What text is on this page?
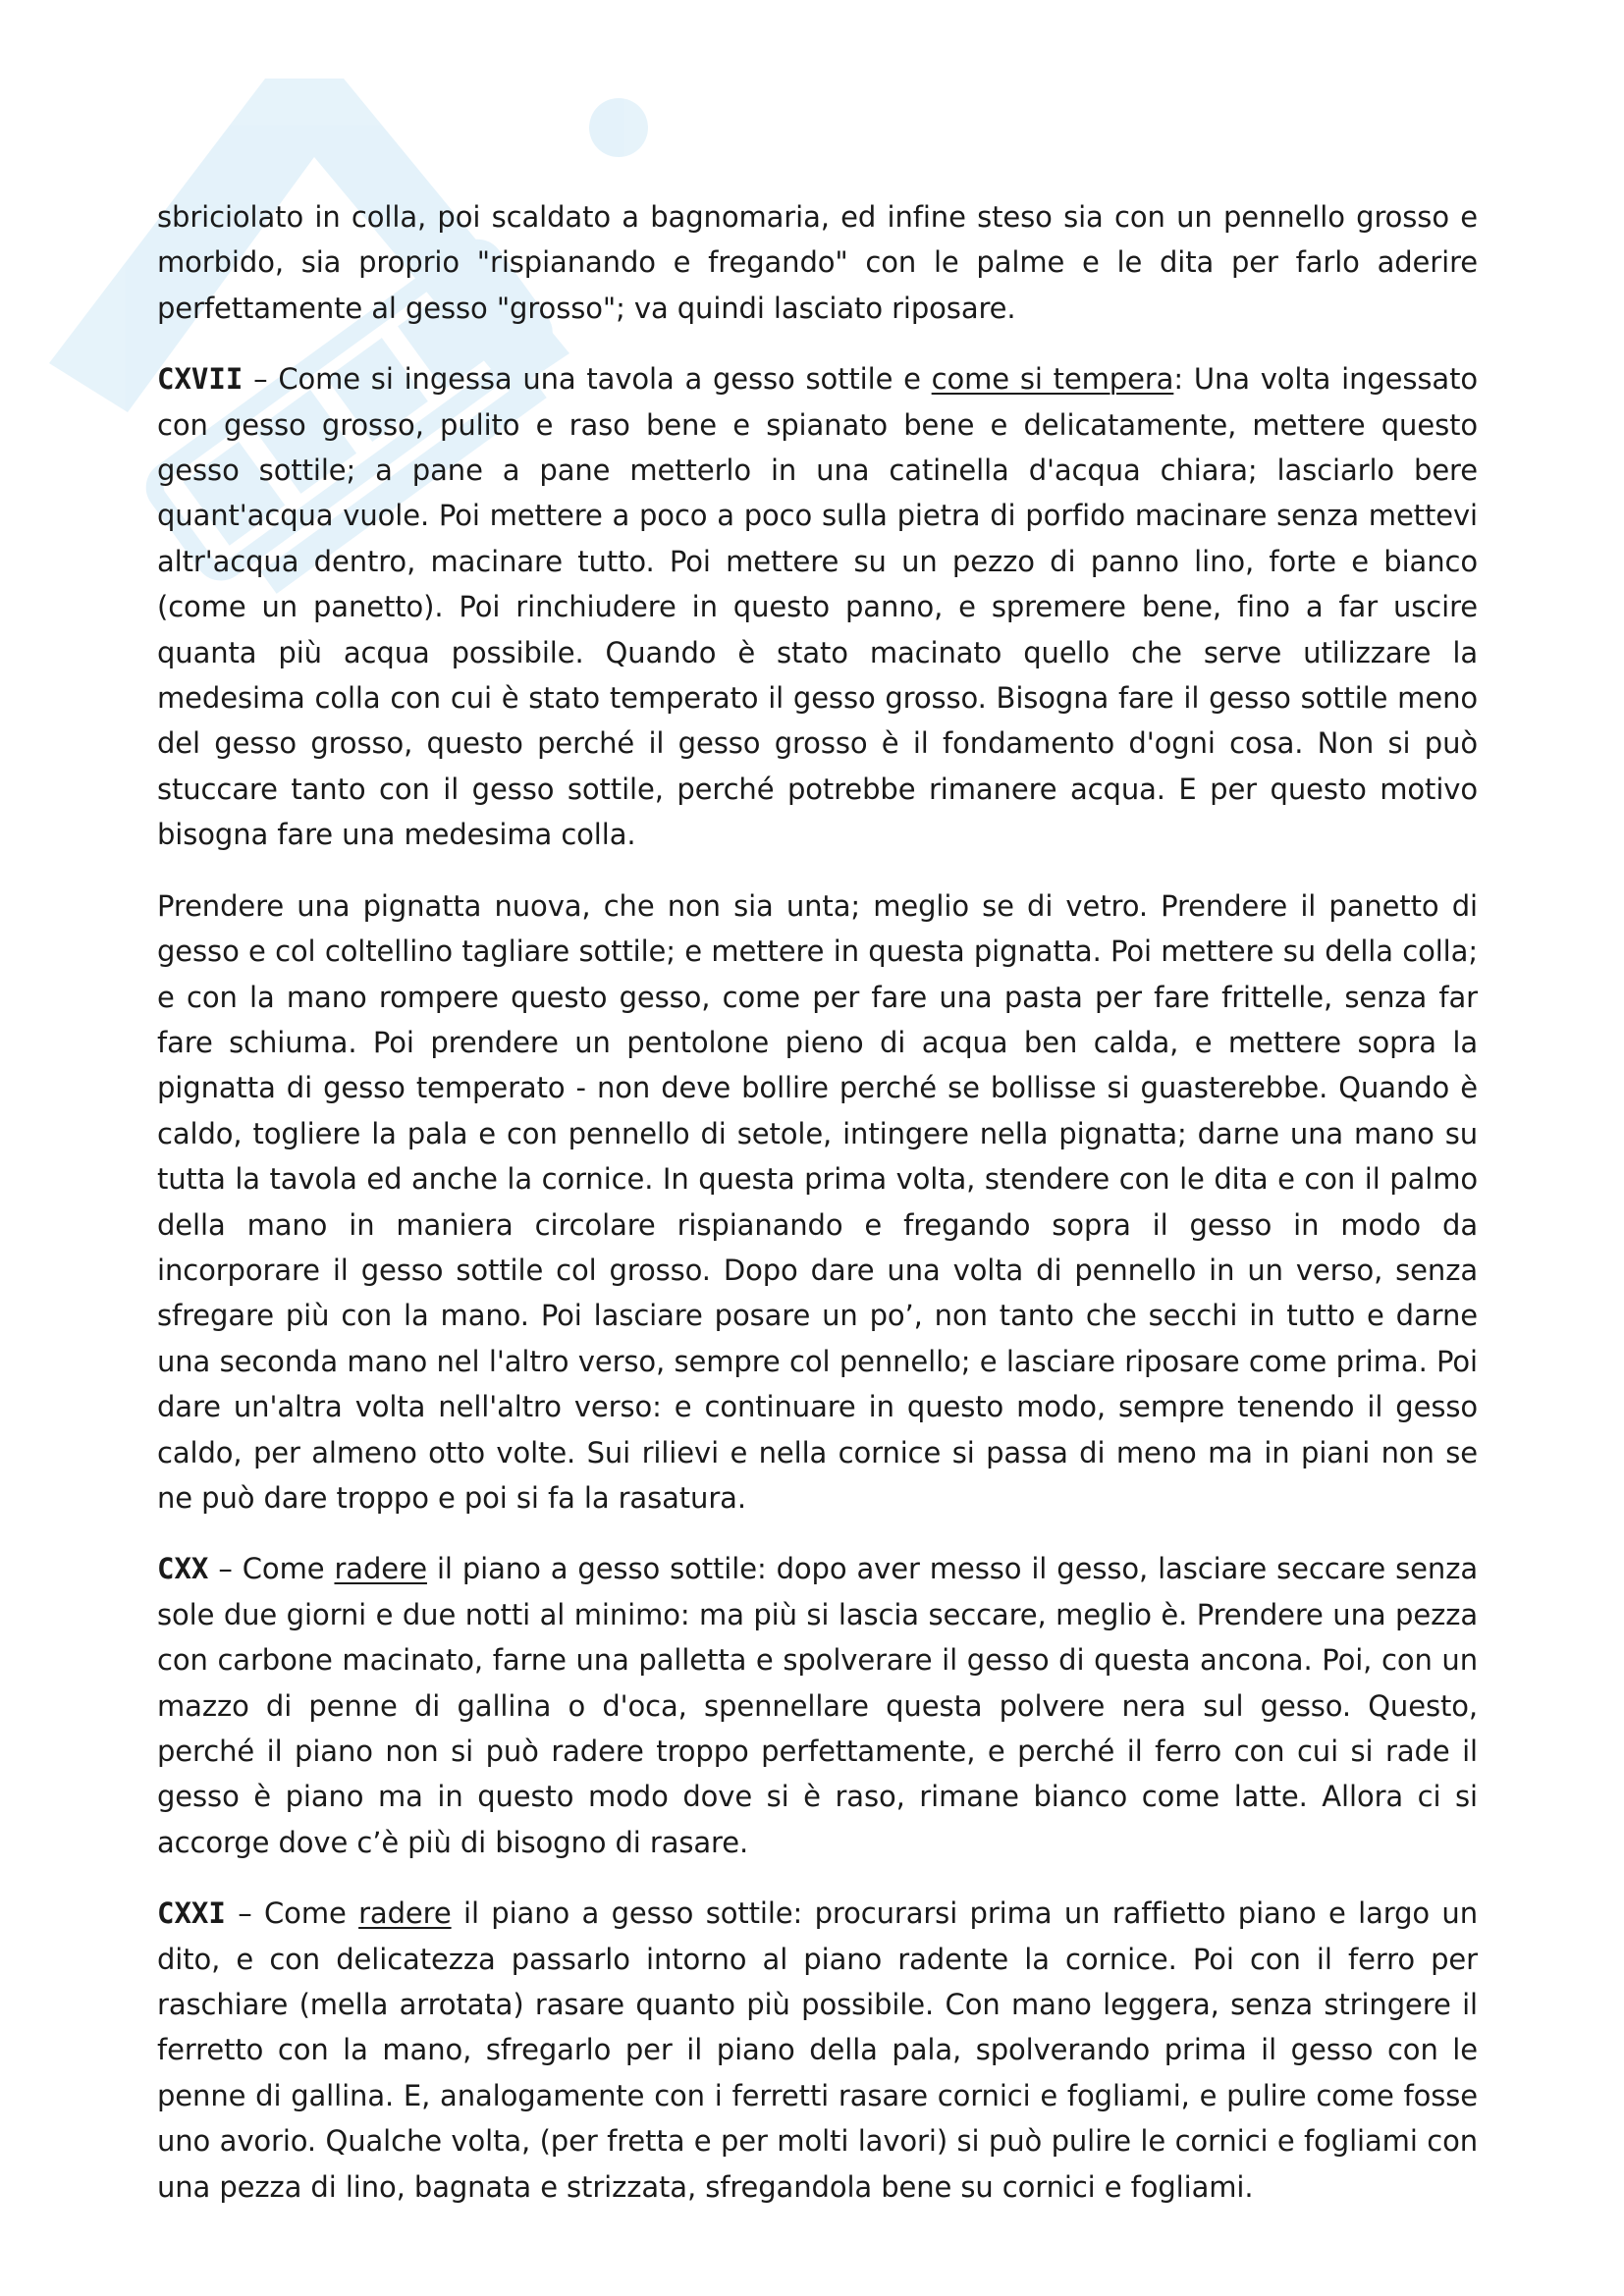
sbriciolato in colla, poi scaldato a bagnomaria, ed infine steso sia con un pennello grosso e morbido, sia proprio "rispianando e fregando" con le palme e le dita per farlo aderire perfettamente al gesso "grosso"; va quindi lasciato riposare.

CXVII – Come si ingessa una tavola a gesso sottile e come si tempera: Una volta ingessato con gesso grosso, pulito e raso bene e spianato bene e delicatamente, mettere questo gesso sottile; a pane a pane metterlo in una catinella d'acqua chiara; lasciarlo bere quant'acqua vuole. Poi mettere a poco a poco sulla pietra di porfido macinare senza mettevi altr'acqua dentro, macinare tutto. Poi mettere su un pezzo di panno lino, forte e bianco (come un panetto). Poi rinchiudere in questo panno, e spremere bene, fino a far uscire quanta più acqua possibile. Quando è stato macinato quello che serve utilizzare la medesima colla con cui è stato temperato il gesso grosso. Bisogna fare il gesso sottile meno del gesso grosso, questo perché il gesso grosso è il fondamento d'ogni cosa. Non si può stuccare tanto con il gesso sottile, perché potrebbe rimanere acqua. E per questo motivo bisogna fare una medesima colla.

Prendere una pignatta nuova, che non sia unta; meglio se di vetro. Prendere il panetto di gesso e col coltellino tagliare sottile; e mettere in questa pignatta. Poi mettere su della colla; e con la mano rompere questo gesso, come per fare una pasta per fare frittelle, senza far fare schiuma. Poi prendere un pentolone pieno di acqua ben calda, e mettere sopra la pignatta di gesso temperato - non deve bollire perché se bollisse si guasterebbe. Quando è caldo, togliere la pala e con pennello di setole, intingere nella pignatta; darne una mano su tutta la tavola ed anche la cornice. In questa prima volta, stendere con le dita e con il palmo della mano in maniera circolare rispianando e fregando sopra il gesso in modo da incorporare il gesso sottile col grosso. Dopo dare una volta di pennello in un verso, senza sfregare più con la mano. Poi lasciare posare un po’, non tanto che secchi in tutto e darne una seconda mano nel l'altro verso, sempre col pennello; e lasciare riposare come prima. Poi dare un'altra volta nell'altro verso: e continuare in questo modo, sempre tenendo il gesso caldo, per almeno otto volte. Sui rilievi e nella cornice si passa di meno ma in piani non se ne può dare troppo e poi si fa la rasatura.

CXX – Come radere il piano a gesso sottile: dopo aver messo il gesso, lasciare seccare senza sole due giorni e due notti al minimo: ma più si lascia seccare, meglio è. Prendere una pezza con carbone macinato, farne una palletta e spolverare il gesso di questa ancona. Poi, con un mazzo di penne di gallina o d'oca, spennellare questa polvere nera sul gesso. Questo, perché il piano non si può radere troppo perfettamente, e perché il ferro con cui si rade il gesso è piano ma in questo modo dove si è raso, rimane bianco come latte. Allora ci si accorge dove c’è più di bisogno di rasare.

CXXI – Come radere il piano a gesso sottile: procurarsi prima un raffietto piano e largo un dito, e con delicatezza passarlo intorno al piano radente la cornice. Poi con il ferro per raschiare (mella arrotata) rasare quanto più possibile. Con mano leggera, senza stringere il ferretto con la mano, sfregarlo per il piano della pala, spolverando prima il gesso con le penne di gallina. E, analogamente con i ferretti rasare cornici e fogliami, e pulire come fosse uno avorio. Qualche volta, (per fretta e per molti lavori) si può pulire le cornici e fogliami con una pezza di lino, bagnata e strizzata, sfregandola bene su cornici e fogliami.
